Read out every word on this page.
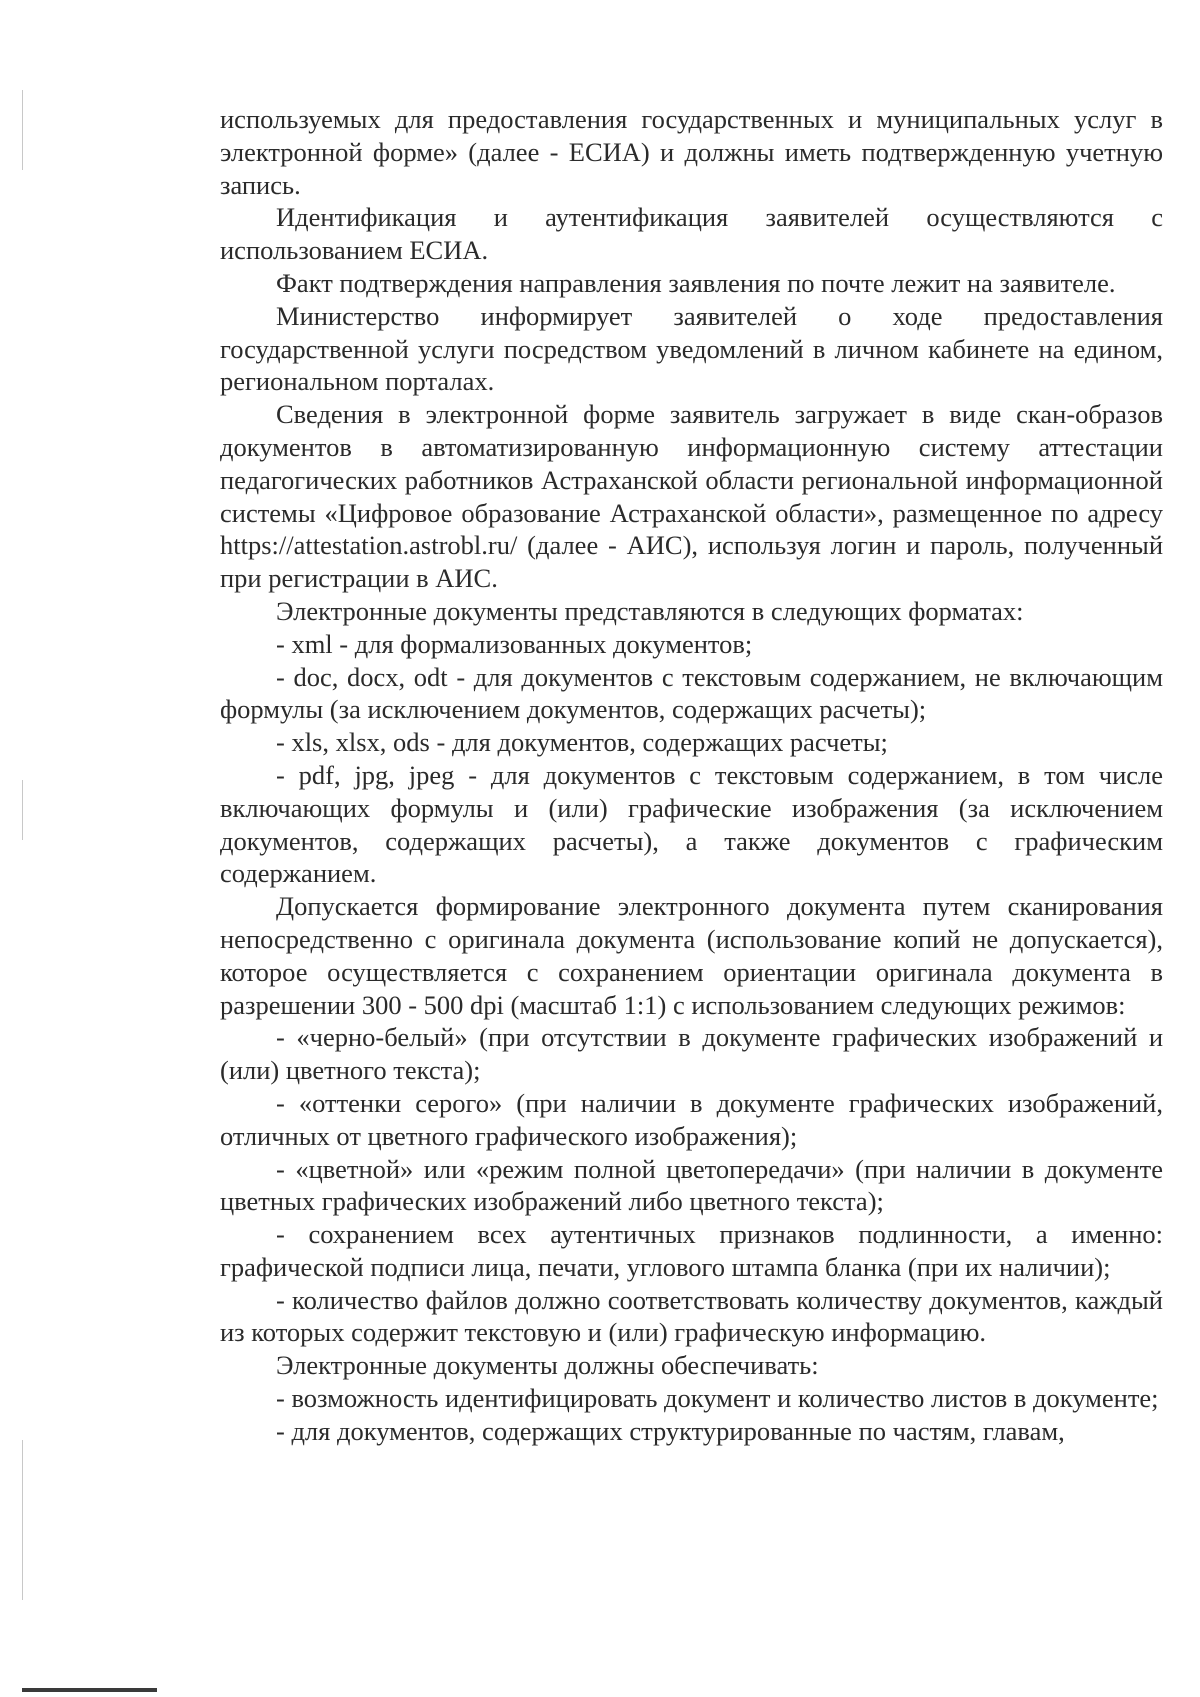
используемых для предоставления государственных и муниципальных услуг в электронной форме» (далее - ЕСИА) и должны иметь подтвержденную учетную запись.

Идентификация и аутентификация заявителей осуществляются с использованием ЕСИА.

Факт подтверждения направления заявления по почте лежит на заявителе.

Министерство информирует заявителей о ходе предоставления государственной услуги посредством уведомлений в личном кабинете на едином, региональном порталах.

Сведения в электронной форме заявитель загружает в виде скан-образов документов в автоматизированную информационную систему аттестации педагогических работников Астраханской области региональной информационной системы «Цифровое образование Астраханской области», размещенное по адресу https://attestation.astrobl.ru/ (далее - АИС), используя логин и пароль, полученный при регистрации в АИС.

Электронные документы представляются в следующих форматах:

- xml - для формализованных документов;

- doc, docx, odt - для документов с текстовым содержанием, не включающим формулы (за исключением документов, содержащих расчеты);

- xls, xlsx, ods - для документов, содержащих расчеты;

- pdf, jpg, jpeg - для документов с текстовым содержанием, в том числе включающих формулы и (или) графические изображения (за исключением документов, содержащих расчеты), а также документов с графическим содержанием.

Допускается формирование электронного документа путем сканирования непосредственно с оригинала документа (использование копий не допускается), которое осуществляется с сохранением ориентации оригинала документа в разрешении 300 - 500 dpi (масштаб 1:1) с использованием следующих режимов:

- «черно-белый» (при отсутствии в документе графических изображений и (или) цветного текста);

- «оттенки серого» (при наличии в документе графических изображений, отличных от цветного графического изображения);

- «цветной» или «режим полной цветопередачи» (при наличии в документе цветных графических изображений либо цветного текста);

- сохранением всех аутентичных признаков подлинности, а именно: графической подписи лица, печати, углового штампа бланка (при их наличии);

- количество файлов должно соответствовать количеству документов, каждый из которых содержит текстовую и (или) графическую информацию.

Электронные документы должны обеспечивать:

- возможность идентифицировать документ и количество листов в документе;

- для документов, содержащих структурированные по частям, главам,
